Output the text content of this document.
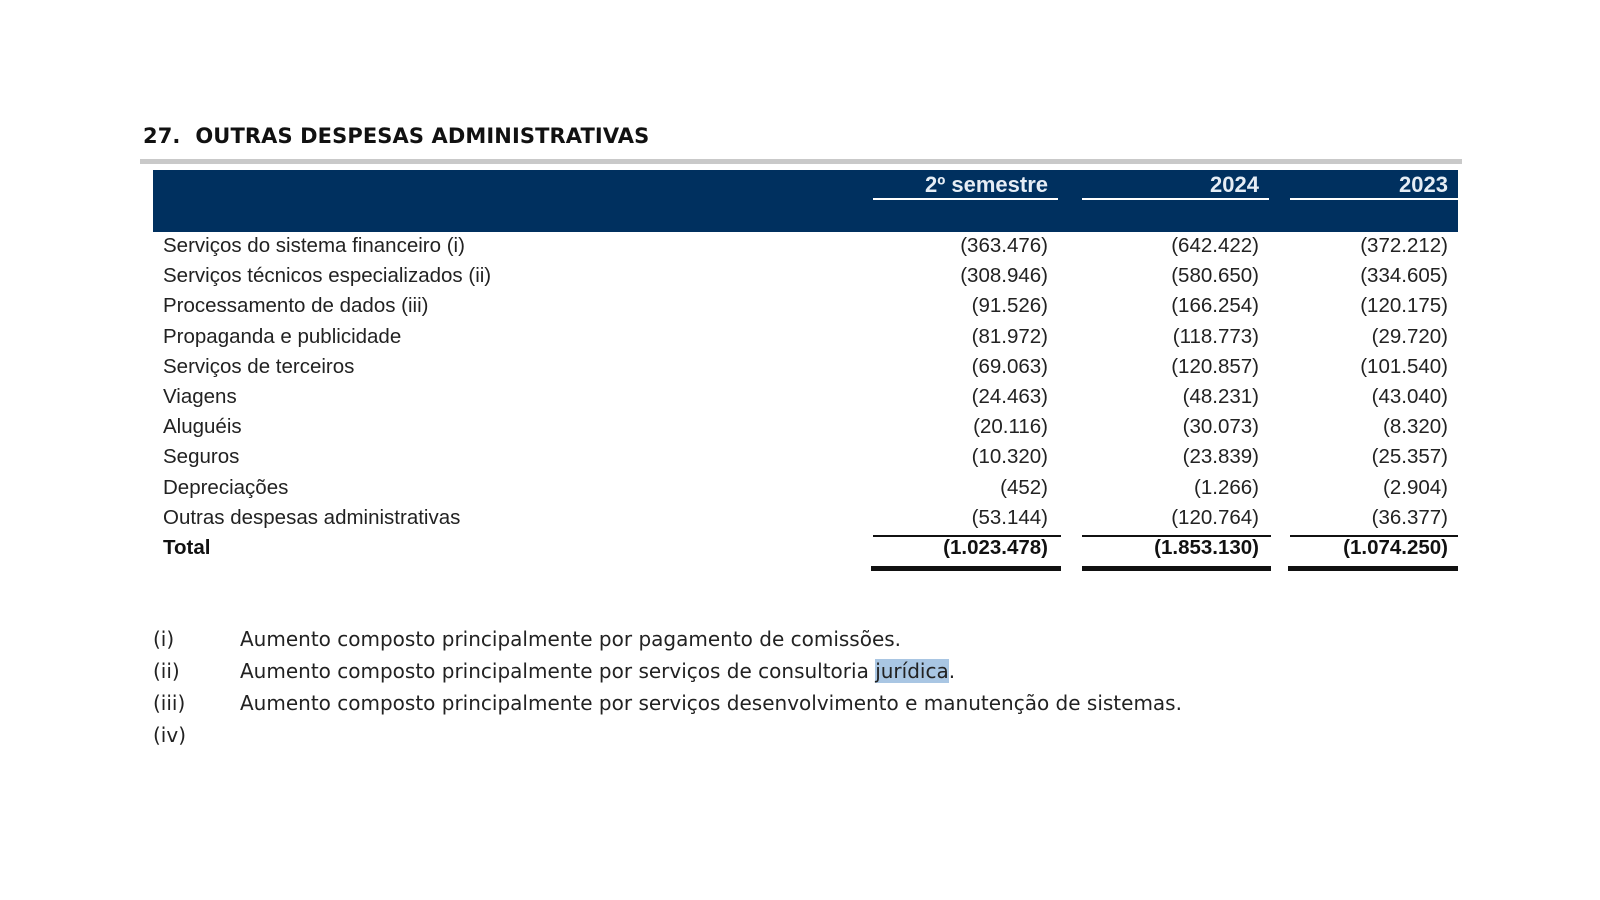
27. OUTRAS DESPESAS ADMINISTRATIVAS
2º semestre	2024	2023
Serviços do sistema financeiro (i)	(363.476)	(642.422)	(372.212)
Serviços técnicos especializados (ii)	(308.946)	(580.650)	(334.605)
Processamento de dados (iii)	(91.526)	(166.254)	(120.175)
Propaganda e publicidade	(81.972)	(118.773)	(29.720)
Serviços de terceiros	(69.063)	(120.857)	(101.540)
Viagens	(24.463)	(48.231)	(43.040)
Aluguéis	(20.116)	(30.073)	(8.320)
Seguros	(10.320)	(23.839)	(25.357)
Depreciações	(452)	(1.266)	(2.904)
Outras despesas administrativas	(53.144)	(120.764)	(36.377)
Total	(1.023.478)	(1.853.130)	(1.074.250)
(i)	Aumento composto principalmente por pagamento de comissões.
(ii)	Aumento composto principalmente por serviços de consultoria jurídica.
(iii)	Aumento composto principalmente por serviços desenvolvimento e manutenção de sistemas.
(iv)
